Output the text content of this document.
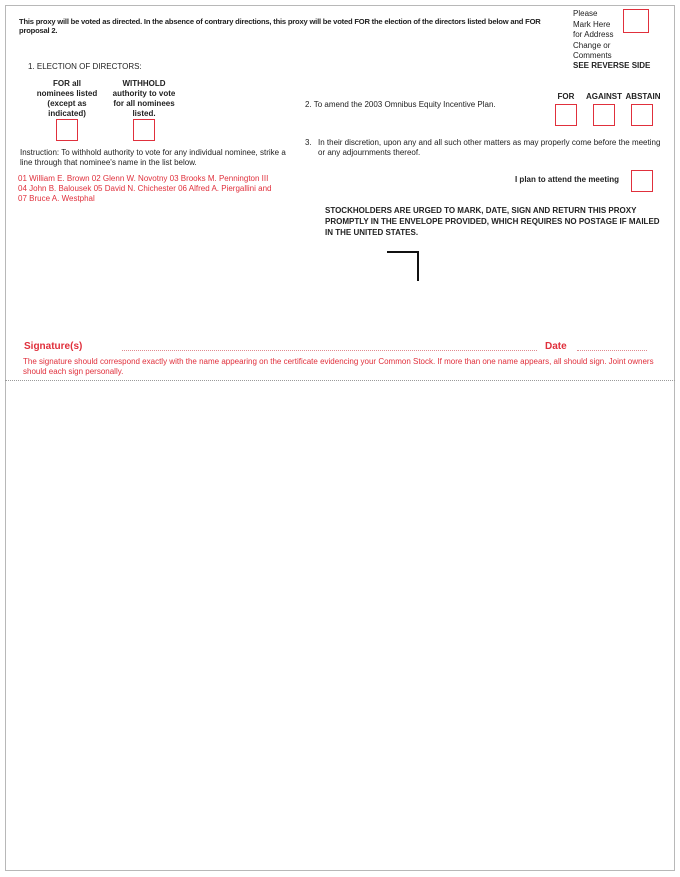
This proxy will be voted as directed. In the absence of contrary directions, this proxy will be voted FOR the election of the directors listed below and FOR proposal 2.
Please
Mark Here
for Address
Change or
Comments
SEE REVERSE SIDE
1. ELECTION OF DIRECTORS:
FOR all
nominees listed
(except as
indicated)
WITHHOLD
authority to vote
for all nominees
listed.
Instruction: To withhold authority to vote for any individual nominee, strike a line through that nominee's name in the list below.
01 William E. Brown 02 Glenn W. Novotny 03 Brooks M. Pennington III
04 John B. Balousek 05 David N. Chichester 06 Alfred A. Piergallini and
07 Bruce A. Westphal
FOR	AGAINST ABSTAIN
2. To amend the 2003 Omnibus Equity Incentive Plan.
3. In their discretion, upon any and all such other matters as may properly come before the meeting or any adjournments thereof.
I plan to attend the meeting
STOCKHOLDERS ARE URGED TO MARK, DATE, SIGN AND RETURN THIS PROXY PROMPTLY IN THE ENVELOPE PROVIDED, WHICH REQUIRES NO POSTAGE IF MAILED IN THE UNITED STATES.
Signature(s)	Date
The signature should correspond exactly with the name appearing on the certificate evidencing your Common Stock. If more than one name appears, all should sign. Joint owners should each sign personally.
